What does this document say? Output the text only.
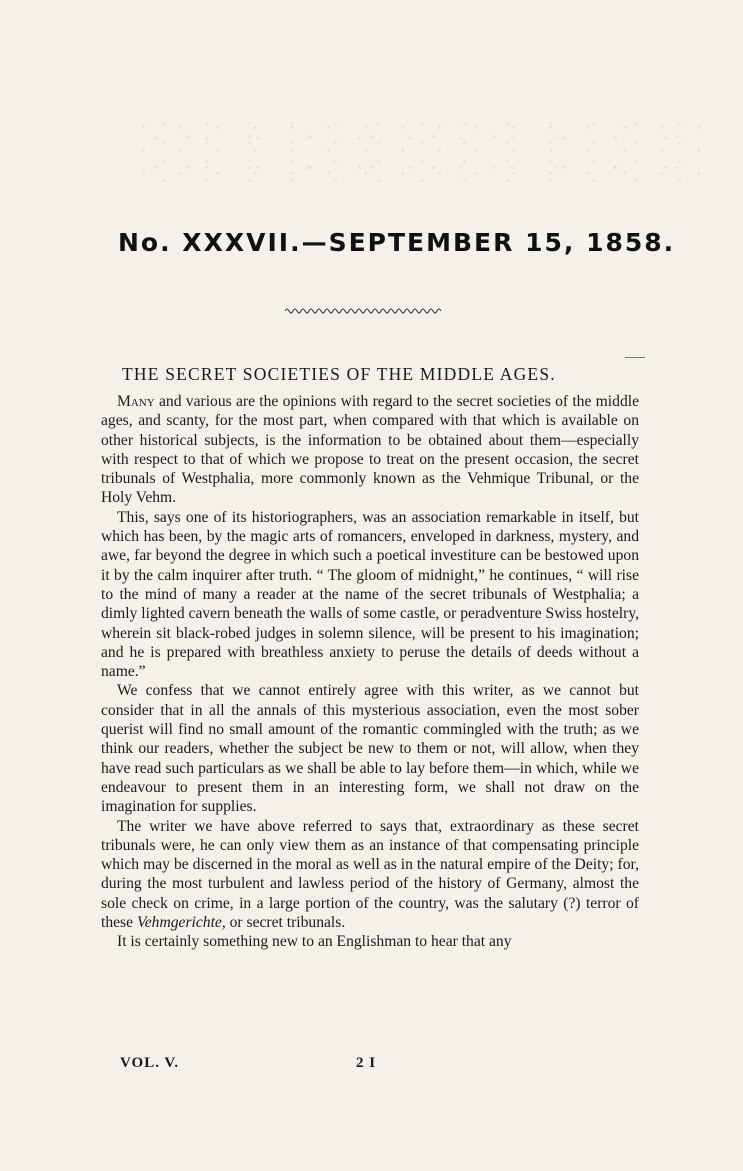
No. XXXVII.—SEPTEMBER 15, 1858.
THE SECRET SOCIETIES OF THE MIDDLE AGES.

Many and various are the opinions with regard to the secret societies of the middle ages, and scanty, for the most part, when compared with that which is available on other historical subjects, is the information to be obtained about them—especially with respect to that of which we propose to treat on the present occasion, the secret tribunals of Westphalia, more commonly known as the Vehmique Tribunal, or the Holy Vehm.

This, says one of its historiographers, was an association remarkable in itself, but which has been, by the magic arts of romancers, enveloped in darkness, mystery, and awe, far beyond the degree in which such a poetical investiture can be bestowed upon it by the calm inquirer after truth. “ The gloom of midnight,” he continues, “ will rise to the mind of many a reader at the name of the secret tribunals of Westphalia; a dimly lighted cavern beneath the walls of some castle, or peradventure Swiss hostelry, wherein sit black-robed judges in solemn silence, will be present to his imagination; and he is prepared with breathless anxiety to peruse the details of deeds without a name.”

We confess that we cannot entirely agree with this writer, as we cannot but consider that in all the annals of this mysterious association, even the most sober querist will find no small amount of the romantic commingled with the truth; as we think our readers, whether the subject be new to them or not, will allow, when they have read such particulars as we shall be able to lay before them—in which, while we endeavour to present them in an interesting form, we shall not draw on the imagination for supplies.

The writer we have above referred to says that, extraordinary as these secret tribunals were, he can only view them as an instance of that compensating principle which may be discerned in the moral as well as in the natural empire of the Deity; for, during the most turbulent and lawless period of the history of Germany, almost the sole check on crime, in a large portion of the country, was the salutary (?) terror of these Vehmgerichte, or secret tribunals.

It is certainly something new to an Englishman to hear that any

VOL. V.	2 I
